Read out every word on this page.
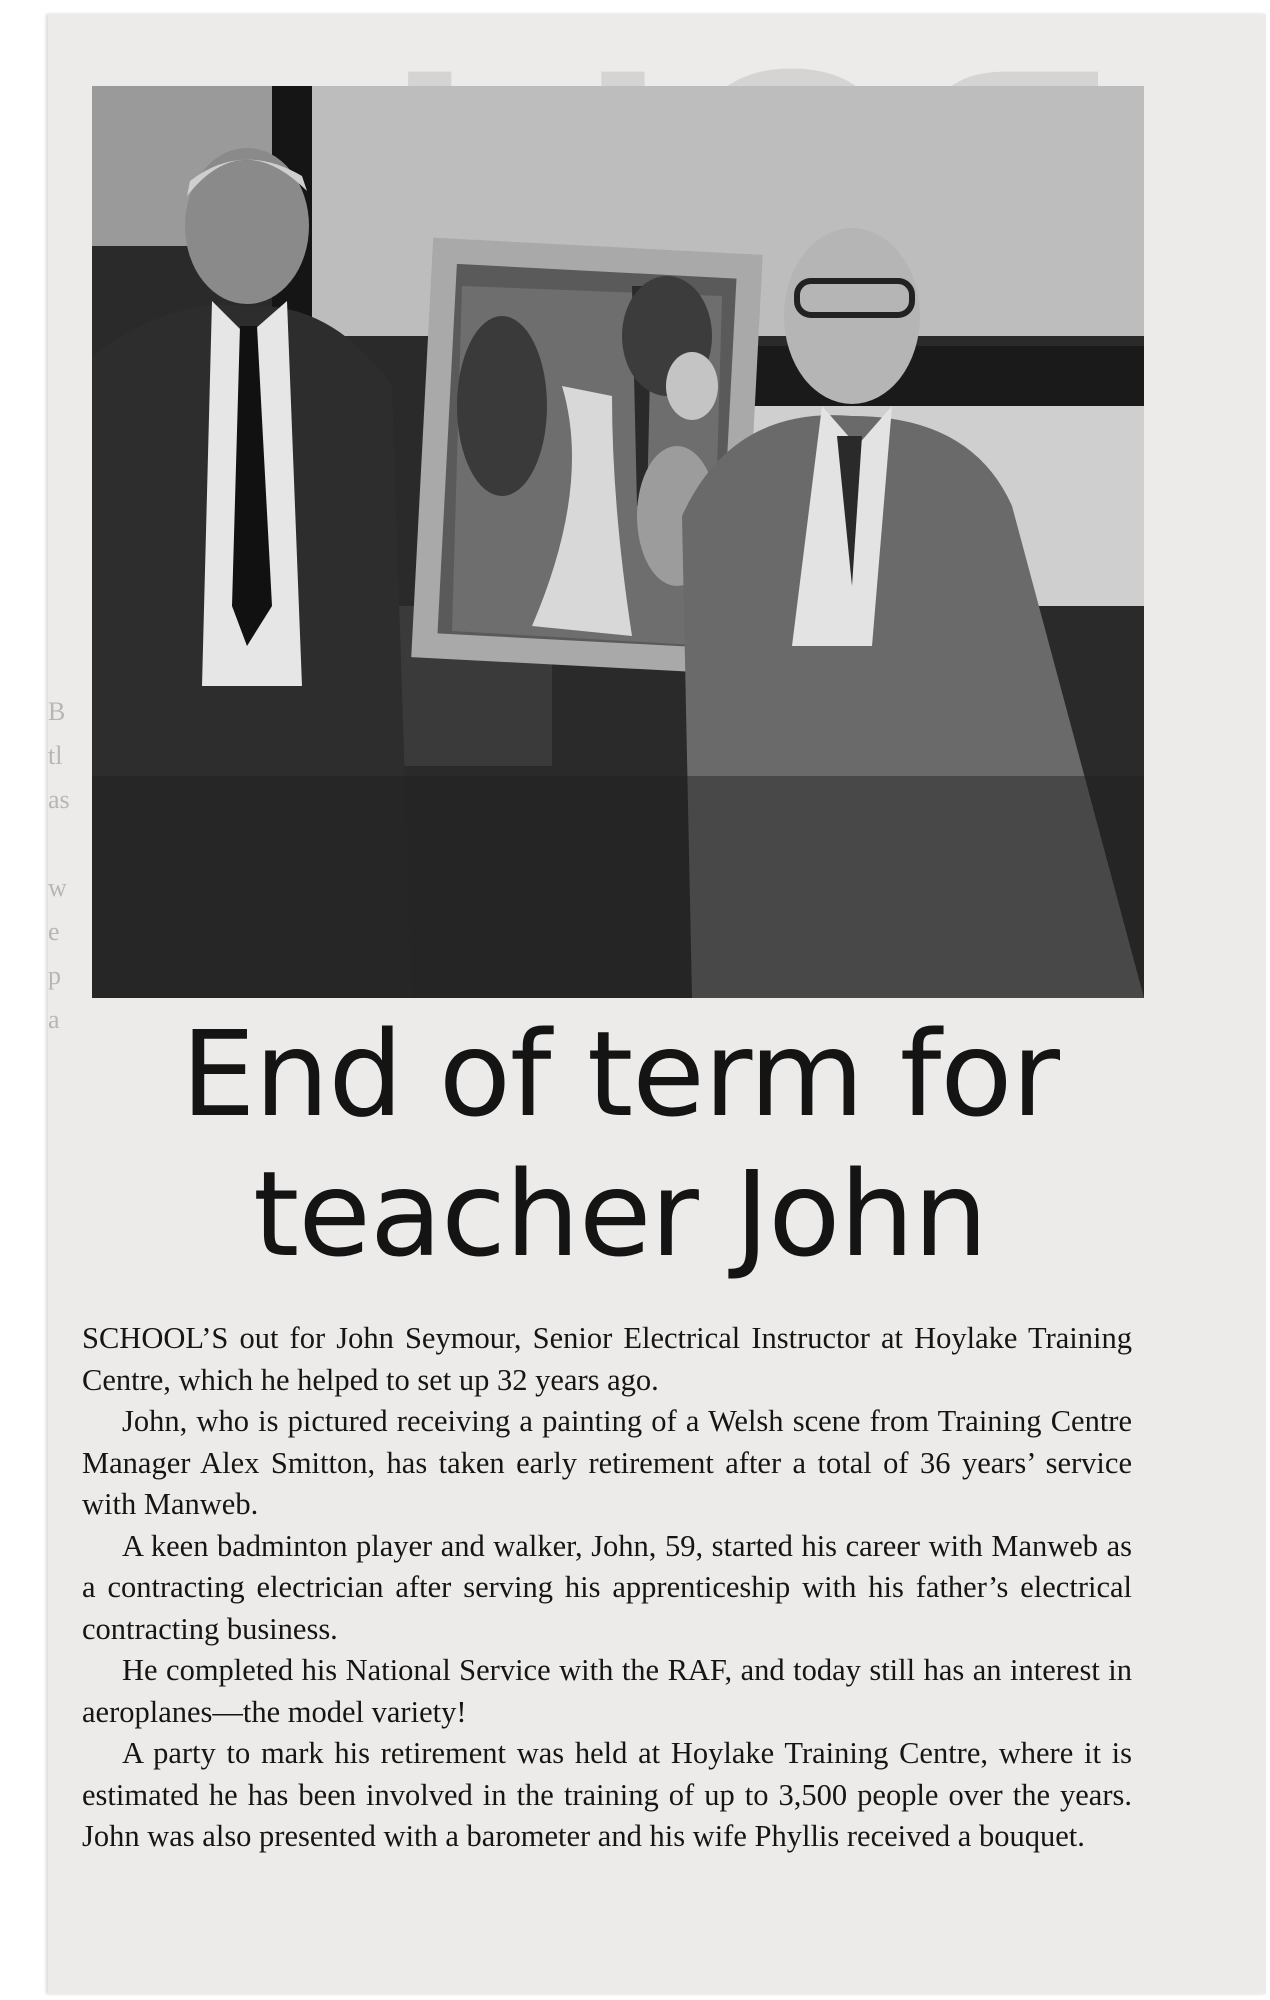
B
tl
as

w
e
p
a	End of term for
teacher John

SCHOOL’S out for John Seymour, Senior Electrical Instructor at Hoylake Training Centre, which he helped to set up 32 years ago.

John, who is pictured receiving a painting of a Welsh scene from Training Centre Manager Alex Smitton, has taken early retirement after a total of 36 years’ service with Manweb.

A keen badminton player and walker, John, 59, started his career with Manweb as a contracting electrician after serving his apprenticeship with his father’s electrical contracting business.

He completed his National Service with the RAF, and today still has an interest in aeroplanes—the model variety!

A party to mark his retirement was held at Hoylake Training Centre, where it is estimated he has been involved in the training of up to 3,500 people over the years. John was also presented with a barometer and his wife Phyllis received a bouquet.
